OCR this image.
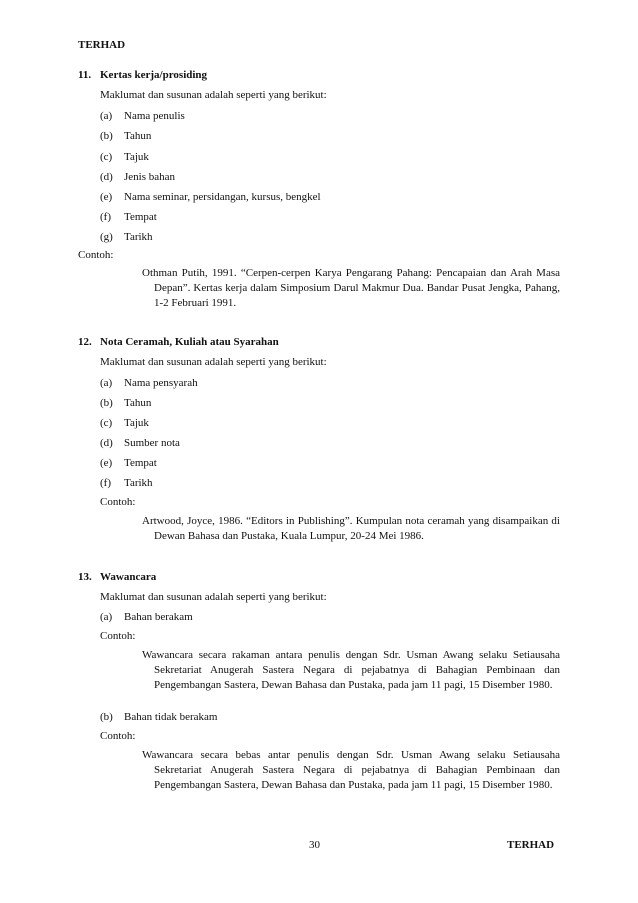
TERHAD
11. Kertas kerja/prosiding
Maklumat dan susunan adalah seperti yang berikut:
(a) Nama penulis
(b) Tahun
(c) Tajuk
(d) Jenis bahan
(e) Nama seminar, persidangan, kursus, bengkel
(f) Tempat
(g) Tarikh
Contoh:
Othman Putih, 1991. “Cerpen-cerpen Karya Pengarang Pahang: Pencapaian dan Arah Masa Depan”. Kertas kerja dalam Simposium Darul Makmur Dua. Bandar Pusat Jengka, Pahang, 1-2 Februari 1991.
12. Nota Ceramah, Kuliah atau Syarahan
Maklumat dan susunan adalah seperti yang berikut:
(a) Nama pensyarah
(b) Tahun
(c) Tajuk
(d) Sumber nota
(e) Tempat
(f) Tarikh
Contoh:
Artwood, Joyce, 1986. “Editors in Publishing”. Kumpulan nota ceramah yang disampaikan di Dewan Bahasa dan Pustaka, Kuala Lumpur, 20-24 Mei 1986.
13. Wawancara
Maklumat dan susunan adalah seperti yang berikut:
(a) Bahan berakam
Contoh:
Wawancara secara rakaman antara penulis dengan Sdr. Usman Awang selaku Setiausaha Sekretariat Anugerah Sastera Negara di pejabatnya di Bahagian Pembinaan dan Pengembangan Sastera, Dewan Bahasa dan Pustaka, pada jam 11 pagi, 15 Disember 1980.
(b) Bahan tidak berakam
Contoh:
Wawancara secara bebas antar penulis dengan Sdr. Usman Awang selaku Setiausaha Sekretariat Anugerah Sastera Negara di pejabatnya di Bahagian Pembinaan dan Pengembangan Sastera, Dewan Bahasa dan Pustaka, pada jam 11 pagi, 15 Disember 1980.
30	TERHAD
